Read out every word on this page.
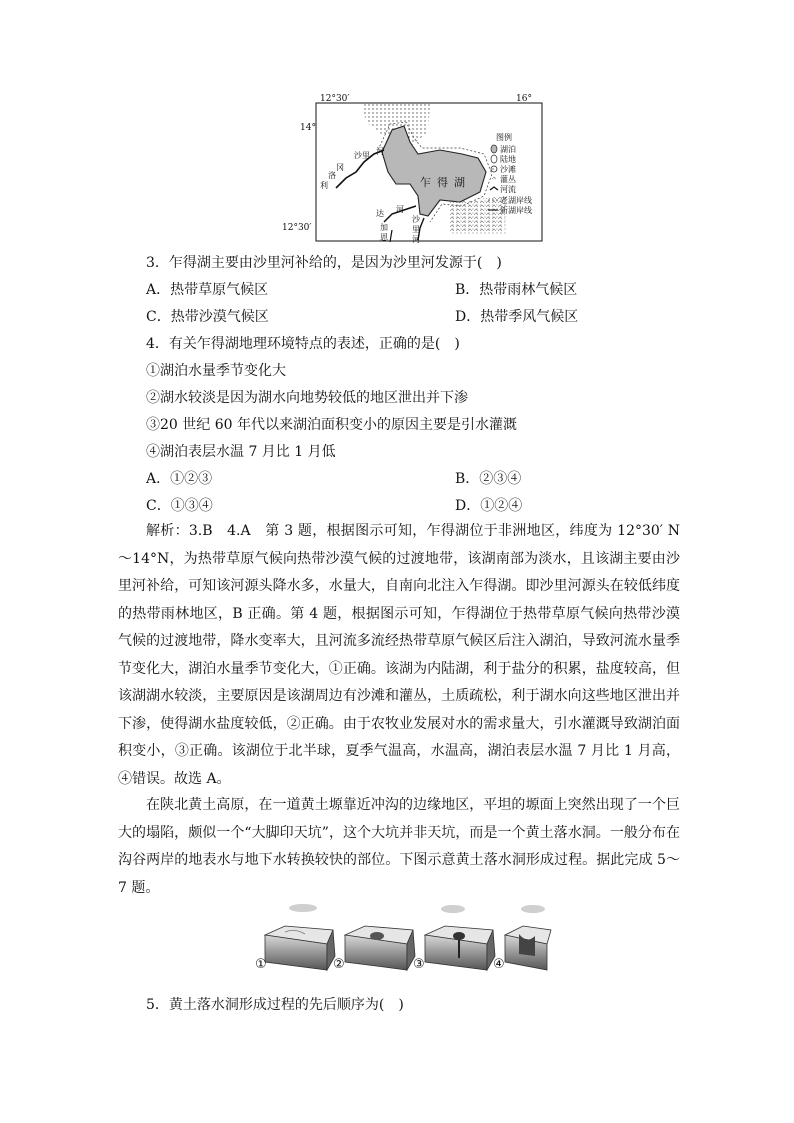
12°30′	16°
14°
12°30′
乍得湖
沙里 河
利
洛
冈
达
加
恩
沙
里
河
河
图例
湖泊
陆地
沙滩
灌丛
河流
老湖岸线
新湖岸线
3．乍得湖主要由沙里河补给的，是因为沙里河发源于(　)
A．热带草原气候区	B．热带雨林气候区
C．热带沙漠气候区	D．热带季风气候区
4．有关乍得湖地理环境特点的表述，正确的是(　)
①湖泊水量季节变化大
②湖水较淡是因为湖水向地势较低的地区泄出并下渗
③20 世纪 60 年代以来湖泊面积变小的原因主要是引水灌溉
④湖泊表层水温 7 月比 1 月低
A．①②③	B．②③④
C．①③④	D．①②④
解析：3.B　4.A　第 3 题，根据图示可知，乍得湖位于非洲地区，纬度为 12°30′ N～14°N，为热带草原气候向热带沙漠气候的过渡地带，该湖南部为淡水，且该湖主要由沙里河补给，可知该河源头降水多，水量大，自南向北注入乍得湖。即沙里河源头在较低纬度的热带雨林地区，B 正确。第 4 题，根据图示可知，乍得湖位于热带草原气候向热带沙漠气候的过渡地带，降水变率大，且河流多流经热带草原气候区后注入湖泊，导致河流水量季节变化大，湖泊水量季节变化大，①正确。该湖为内陆湖，利于盐分的积累，盐度较高，但该湖湖水较淡，主要原因是该湖周边有沙滩和灌丛，土质疏松，利于湖水向这些地区泄出并下渗，使得湖水盐度较低，②正确。由于农牧业发展对水的需求量大，引水灌溉导致湖泊面积变小，③正确。该湖位于北半球，夏季气温高，水温高，湖泊表层水温 7 月比 1 月高，④错误。故选 A。
在陕北黄土高原，在一道黄土塬靠近冲沟的边缘地区，平坦的塬面上突然出现了一个巨大的塌陷，颇似一个“大脚印天坑”，这个大坑并非天坑，而是一个黄土落水洞。一般分布在沟谷两岸的地表水与地下水转换较快的部位。下图示意黄土落水洞形成过程。据此完成 5～7 题。
①	②	③	④
5．黄土落水洞形成过程的先后顺序为(　)
